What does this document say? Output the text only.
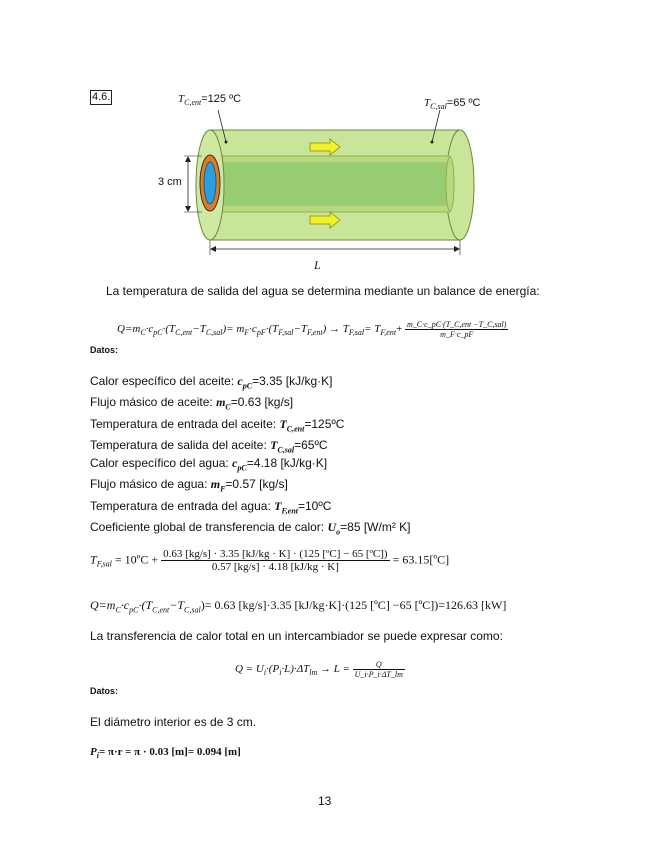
4.6.	$T_{C,ent}=125$ ºC	$T_{C,sal}=65$ ºC
3 cm
L
La temperatura de salida del agua se determina mediante un balance de energía:
$Q=m_C\cdot c_{pC}\cdot(T_{C,ent}-T_{C,sal})= m_F\cdot c_{pF}\cdot(T_{F,sal}-T_{F,ent}) \to T_{F,sal}= T_{F,ent}+ \frac{\text{m\_C·c\_pC·(T\_C,ent −T\_C,sal)}}{m\_F\cdot c\_pF}$
Datos:
Calor específico del aceite: $c_{pC}=3.35$ [kJ/kg·K]
Flujo másico de aceite: $m_C=0.63$ [kg/s]
Temperatura de entrada del aceite: $T_{C,ent}=125ºC$
Temperatura de salida del aceite: $T_{C,sal}=65ºC$
Calor específico del agua: $c_{pC}=4.18$ [kJ/kg·K]
Flujo másico de agua: $m_F=0.57$ [kg/s]
Temperatura de entrada del agua: $T_{F,ent}=10ºC$
Coeficiente global de transferencia de calor: $U_o=85$ [W/m² K]
$T_{F,sal}$ = 10ºC + $\frac{\text{0.63 [kg/s] · 3.35 [kJ/kg · K] · (125 [ºC] − 65 [ºC])}}{0.57 [kg/s] \cdot 4.18 [kJ/kg \cdot K]}$ = 63.15[ºC]
$Q=m_C\cdot c_{pC}\cdot(T_{C,ent}-T_{C,sal})= 0.63$ [kg/s]·3.35 [kJ/kg·K]·(125 [ºC] −65 [ºC])=126.63 [kW]
La transferencia de calor total en un intercambiador se puede expresar como:
$Q = U_i\cdot(P_i\cdot L)\cdot\Delta T_{lm} \to L = \frac{Q}{U\_i\cdot P\_i\cdot\Delta T\_lm}$
Datos:
El diámetro interior es de 3 cm.
$P_i= \pi\cdot r = \pi \cdot 0.03$ [m]= 0.094 [m]
13
